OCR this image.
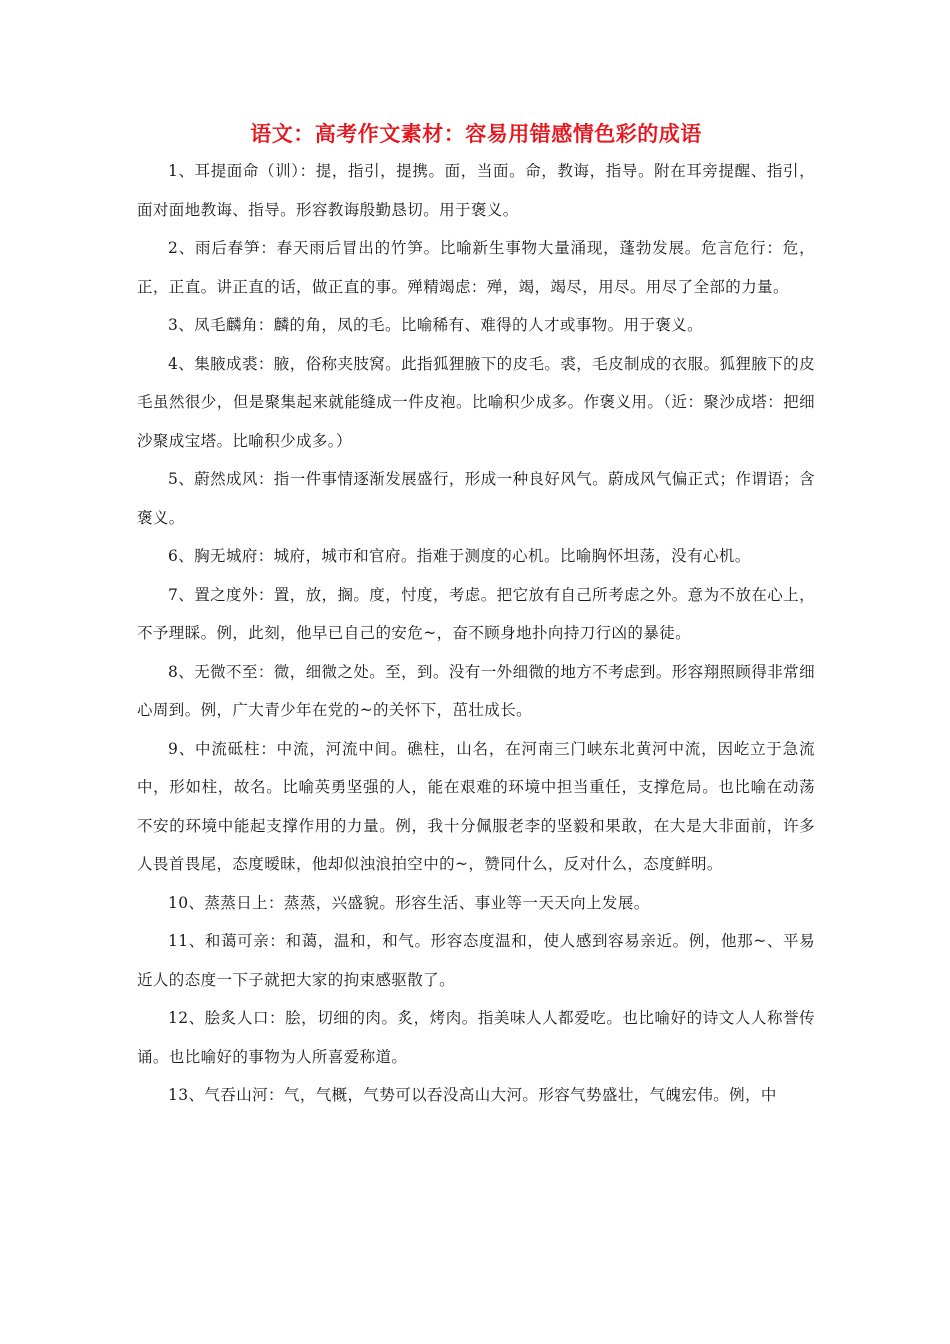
语文：高考作文素材：容易用错感情色彩的成语

1、耳提面命（训）：提，指引，提携。面，当面。命，教诲，指导。附在耳旁提醒、指引，面对面地教诲、指导。形容教诲殷勤恳切。用于褒义。

2、雨后春笋：春天雨后冒出的竹笋。比喻新生事物大量涌现，蓬勃发展。危言危行：危，正，正直。讲正直的话，做正直的事。殚精竭虑：殚，竭，竭尽，用尽。用尽了全部的力量。

3、凤毛麟角：麟的角，凤的毛。比喻稀有、难得的人才或事物。用于褒义。

4、集腋成裘：腋，俗称夹肢窝。此指狐狸腋下的皮毛。裘，毛皮制成的衣服。狐狸腋下的皮毛虽然很少，但是聚集起来就能缝成一件皮袍。比喻积少成多。作褒义用。（近：聚沙成塔：把细沙聚成宝塔。比喻积少成多。）

5、蔚然成风：指一件事情逐渐发展盛行，形成一种良好风气。蔚成风气偏正式；作谓语；含褒义。

6、胸无城府：城府，城市和官府。指难于测度的心机。比喻胸怀坦荡，没有心机。

7、置之度外：置，放，搁。度，忖度，考虑。把它放有自己所考虑之外。意为不放在心上，不予理睬。例，此刻，他早已自己的安危~，奋不顾身地扑向持刀行凶的暴徒。

8、无微不至：微，细微之处。至，到。没有一外细微的地方不考虑到。形容翔照顾得非常细心周到。例，广大青少年在党的~的关怀下，茁壮成长。

9、中流砥柱：中流，河流中间。礁柱，山名，在河南三门峡东北黄河中流，因屹立于急流中，形如柱，故名。比喻英勇坚强的人，能在艰难的环境中担当重任，支撑危局。也比喻在动荡不安的环境中能起支撑作用的力量。例，我十分佩服老李的坚毅和果敢，在大是大非面前，许多人畏首畏尾，态度暧昧，他却似浊浪拍空中的~，赞同什么，反对什么，态度鲜明。

10、蒸蒸日上：蒸蒸，兴盛貌。形容生活、事业等一天天向上发展。

11、和蔼可亲：和蔼，温和，和气。形容态度温和，使人感到容易亲近。例，他那~、平易近人的态度一下子就把大家的拘束感驱散了。

12、脍炙人口：脍，切细的肉。炙，烤肉。指美味人人都爱吃。也比喻好的诗文人人称誉传诵。也比喻好的事物为人所喜爱称道。

13、气吞山河：气，气概，气势可以吞没高山大河。形容气势盛壮，气魄宏伟。例，中
